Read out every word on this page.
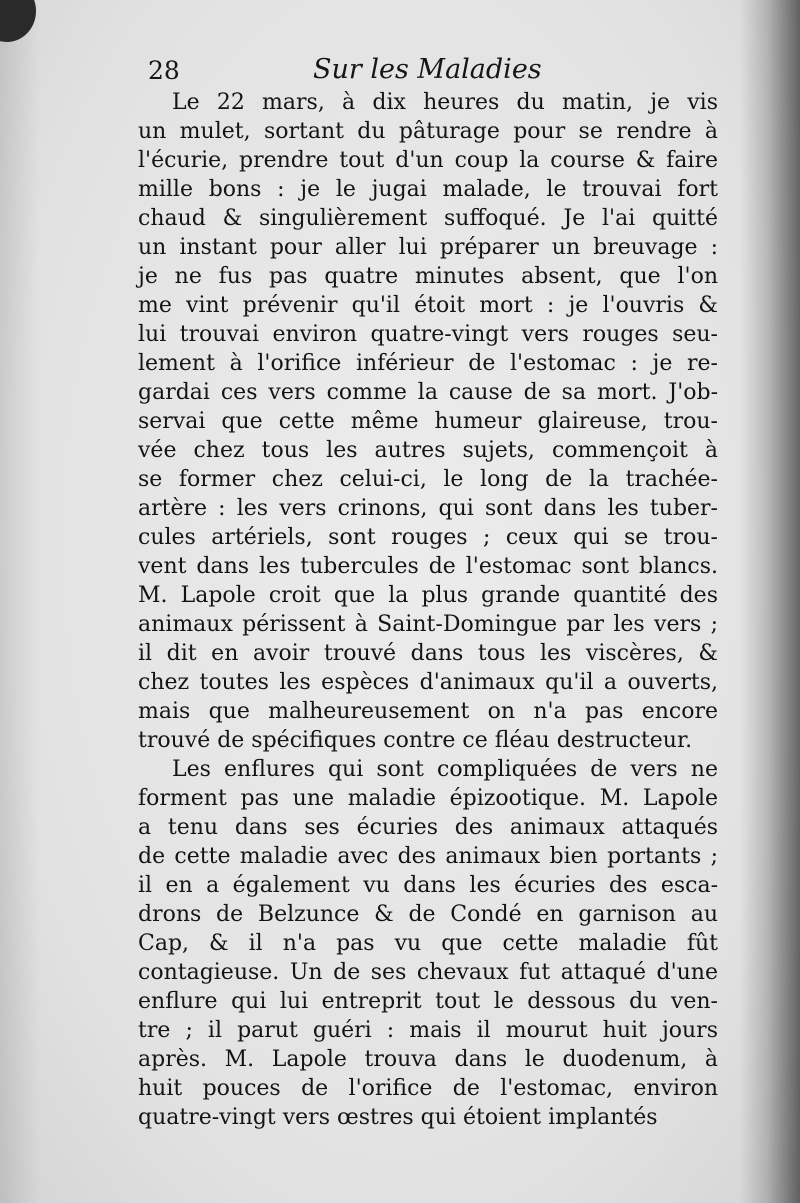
28	Sur les Maladies
Le 22 mars, à dix heures du matin, je vis
un mulet, sortant du pâturage pour se rendre à
l'écurie, prendre tout d'un coup la course & faire
mille bons : je le jugai malade, le trouvai fort
chaud & singulièrement suffoqué. Je l'ai quitté
un instant pour aller lui préparer un breuvage :
je ne fus pas quatre minutes absent, que l'on
me vint prévenir qu'il étoit mort : je l'ouvris &
lui trouvai environ quatre-vingt vers rouges seu-
lement à l'orifice inférieur de l'estomac : je re-
gardai ces vers comme la cause de sa mort. J'ob-
servai que cette même humeur glaireuse, trou-
vée chez tous les autres sujets, commençoit à
se former chez celui-ci, le long de la trachée-
artère : les vers crinons, qui sont dans les tuber-
cules artériels, sont rouges ; ceux qui se trou-
vent dans les tubercules de l'estomac sont blancs.
M. Lapole croit que la plus grande quantité des
animaux périssent à Saint-Domingue par les vers ;
il dit en avoir trouvé dans tous les viscères, &
chez toutes les espèces d'animaux qu'il a ouverts,
mais que malheureusement on n'a pas encore
trouvé de spécifiques contre ce fléau destructeur.
Les enflures qui sont compliquées de vers ne
forment pas une maladie épizootique. M. Lapole
a tenu dans ses écuries des animaux attaqués
de cette maladie avec des animaux bien portants ;
il en a également vu dans les écuries des esca-
drons de Belzunce & de Condé en garnison au
Cap, & il n'a pas vu que cette maladie fût
contagieuse. Un de ses chevaux fut attaqué d'une
enflure qui lui entreprit tout le dessous du ven-
tre ; il parut guéri : mais il mourut huit jours
après. M. Lapole trouva dans le duodenum, à
huit pouces de l'orifice de l'estomac, environ
quatre-vingt vers œstres qui étoient implantés
